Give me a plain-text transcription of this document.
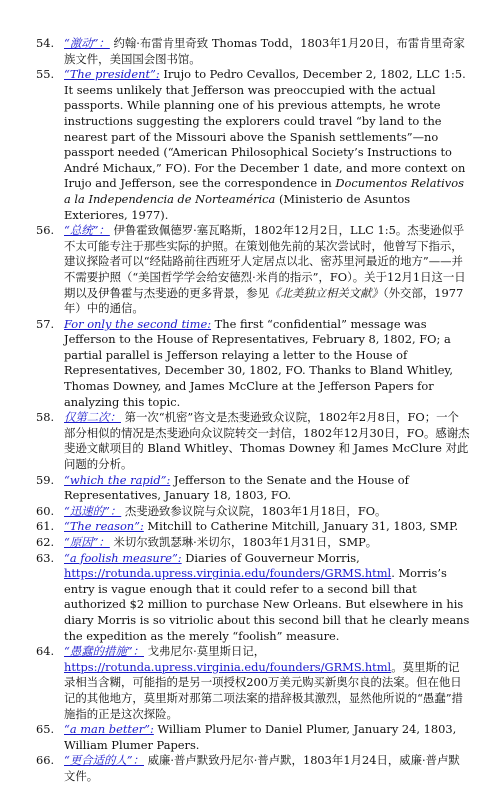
54. “激动”： 约翰·布雷肯里奇致 Thomas Todd，1803年1月20日，布雷肯里奇家族文件，美国国会图书馆。
55. “The president”: Irujo to Pedro Cevallos, December 2, 1802, LLC 1:5. It seems unlikely that Jefferson was preoccupied with the actual passports. While planning one of his previous attempts, he wrote instructions suggesting the explorers could travel “by land to the nearest part of the Missouri above the Spanish settlements”—no passport needed (“American Philosophical Society’s Instructions to André Michaux,” FO). For the December 1 date, and more context on Irujo and Jefferson, see the correspondence in Documentos Relativos a la Independencia de Norteamérica (Ministerio de Asuntos Exteriores, 1977).
56. “总统”： 伊鲁霍致佩德罗·塞瓦略斯，1802年12月2日，LLC 1:5。杰斐逊似乎不太可能专注于那些实际的护照。在策划他先前的某次尝试时，他曾写下指示，建议探险者可以“经陆路前往西班牙人定居点以北、密苏里河最近的地方”——并不需要护照（“美国哲学学会给安德烈·米肖的指示”，FO）。关于12月1日这一日期以及伊鲁霍与杰斐逊的更多背景，参见《北美独立相关文献》（外交部，1977年）中的通信。
57. For only the second time: The first “confidential” message was Jefferson to the House of Representatives, February 8, 1802, FO; a partial parallel is Jefferson relaying a letter to the House of Representatives, December 30, 1802, FO. Thanks to Bland Whitley, Thomas Downey, and James McClure at the Jefferson Papers for analyzing this topic.
58. 仅第二次： 第一次“机密”咨文是杰斐逊致众议院，1802年2月8日，FO；一个部分相似的情况是杰斐逊向众议院转交一封信，1802年12月30日，FO。感谢杰斐逊文献项目的 Bland Whitley、Thomas Downey 和 James McClure 对此问题的分析。
59. “which the rapid”: Jefferson to the Senate and the House of Representatives, January 18, 1803, FO.
60. “迅速的”： 杰斐逊致参议院与众议院，1803年1月18日，FO。
61. “The reason”: Mitchill to Catherine Mitchill, January 31, 1803, SMP.
62. “原因”： 米切尔致凯瑟琳·米切尔，1803年1月31日，SMP。
63. “a foolish measure”: Diaries of Gouverneur Morris, https://rotunda.upress.virginia.edu/founders/GRMS.html. Morris’s entry is vague enough that it could refer to a second bill that authorized $2 million to purchase New Orleans. But elsewhere in his diary Morris is so vitriolic about this second bill that he clearly means the expedition as the merely “foolish” measure.
64. “愚蠢的措施”： 戈弗尼尔·莫里斯日记，https://rotunda.upress.virginia.edu/founders/GRMS.html。莫里斯的记录相当含糊，可能指的是另一项授权200万美元购买新奥尔良的法案。但在他日记的其他地方，莫里斯对那第二项法案的措辞极其激烈，显然他所说的“愚蠢”措施指的正是这次探险。
65. “a man better”: William Plumer to Daniel Plumer, January 24, 1803, William Plumer Papers.
66. “更合适的人”： 威廉·普卢默致丹尼尔·普卢默，1803年1月24日，威廉·普卢默文件。
